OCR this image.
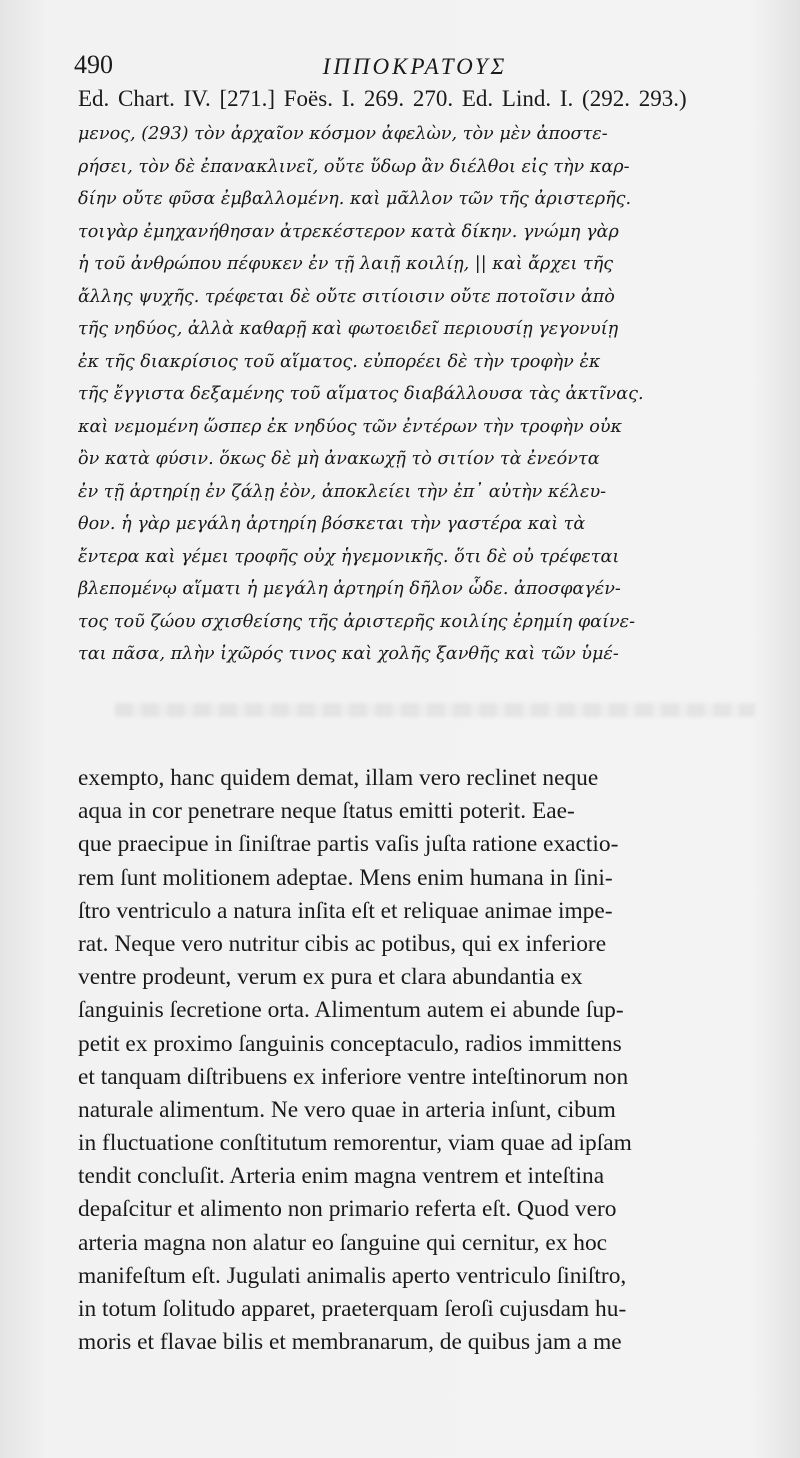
490	ΙΠΠΟΚΡΑΤΟΥΣ
Ed. Chart. IV. [271.] Foës. I. 269. 270. Ed. Lind. I. (292. 293.)
μενος, (293) τὸν ἀρχαῖον κόσμον ἀφελὼν, τὸν μὲν ἀποστε-
ρήσει, τὸν δὲ ἐπανακλινεῖ, οὔτε ὕδωρ ἂν διέλθοι εἰς τὴν καρ-
δίην οὔτε φῦσα ἐμβαλλομένη. καὶ μᾶλλον τῶν τῆς ἀριστερῆς.
τοιγὰρ ἐμηχανήθησαν ἀτρεκέστερον κατὰ δίκην. γνώμη γὰρ
ἡ τοῦ ἀνθρώπου πέφυκεν ἐν τῇ λαιῇ κοιλίῃ, || καὶ ἄρχει τῆς
ἄλλης ψυχῆς. τρέφεται δὲ οὔτε σιτίοισιν οὔτε ποτοῖσιν ἀπὸ
τῆς νηδύος, ἀλλὰ καθαρῇ καὶ φωτοειδεῖ περιουσίῃ γεγονυίῃ
ἐκ τῆς διακρίσιος τοῦ αἵματος. εὐπορέει δὲ τὴν τροφὴν ἐκ
τῆς ἔγγιστα δεξαμένης τοῦ αἵματος διαβάλλουσα τὰς ἀκτῖνας.
καὶ νεμομένη ὥσπερ ἐκ νηδύος τῶν ἐντέρων τὴν τροφὴν οὐκ
ὂν κατὰ φύσιν. ὅκως δὲ μὴ ἀνακωχῇ τὸ σιτίον τὰ ἐνεόντα
ἐν τῇ ἀρτηρίῃ ἐν ζάλῃ ἐὸν, ἀποκλείει τὴν ἐπ᾽ αὐτὴν κέλευ-
θον. ἡ γὰρ μεγάλη ἀρτηρίη βόσκεται τὴν γαστέρα καὶ τὰ
ἔντερα καὶ γέμει τροφῆς οὐχ ἡγεμονικῆς. ὅτι δὲ οὐ τρέφεται
βλεπομένῳ αἵματι ἡ μεγάλη ἀρτηρίη δῆλον ὧδε. ἀποσφαγέν-
τος τοῦ ζώου σχισθείσης τῆς ἀριστερῆς κοιλίης ἐρημίη φαίνε-
ται πᾶσα, πλὴν ἰχῶρός τινος καὶ χολῆς ξανθῆς καὶ τῶν ὑμέ-
exempto, hanc quidem demat, illam vero reclinet neque
aqua in cor penetrare neque ſtatus emitti poterit. Eae-
que praecipue in ſiniſtrae partis vaſis juſta ratione exactio-
rem ſunt molitionem adeptae. Mens enim humana in ſini-
ſtro ventriculo a natura inſita eſt et reliquae animae impe-
rat. Neque vero nutritur cibis ac potibus, qui ex inferiore
ventre prodeunt, verum ex pura et clara abundantia ex
ſanguinis ſecretione orta. Alimentum autem ei abunde ſup-
petit ex proximo ſanguinis conceptaculo, radios immittens
et tanquam diſtribuens ex inferiore ventre inteſtinorum non
naturale alimentum. Ne vero quae in arteria inſunt, cibum
in fluctuatione conſtitutum remorentur, viam quae ad ipſam
tendit concluſit. Arteria enim magna ventrem et inteſtina
depaſcitur et alimento non primario referta eſt. Quod vero
arteria magna non alatur eo ſanguine qui cernitur, ex hoc
manifeſtum eſt. Jugulati animalis aperto ventriculo ſiniſtro,
in totum ſolitudo apparet, praeterquam ſeroſi cujusdam hu-
moris et flavae bilis et membranarum, de quibus jam a me
